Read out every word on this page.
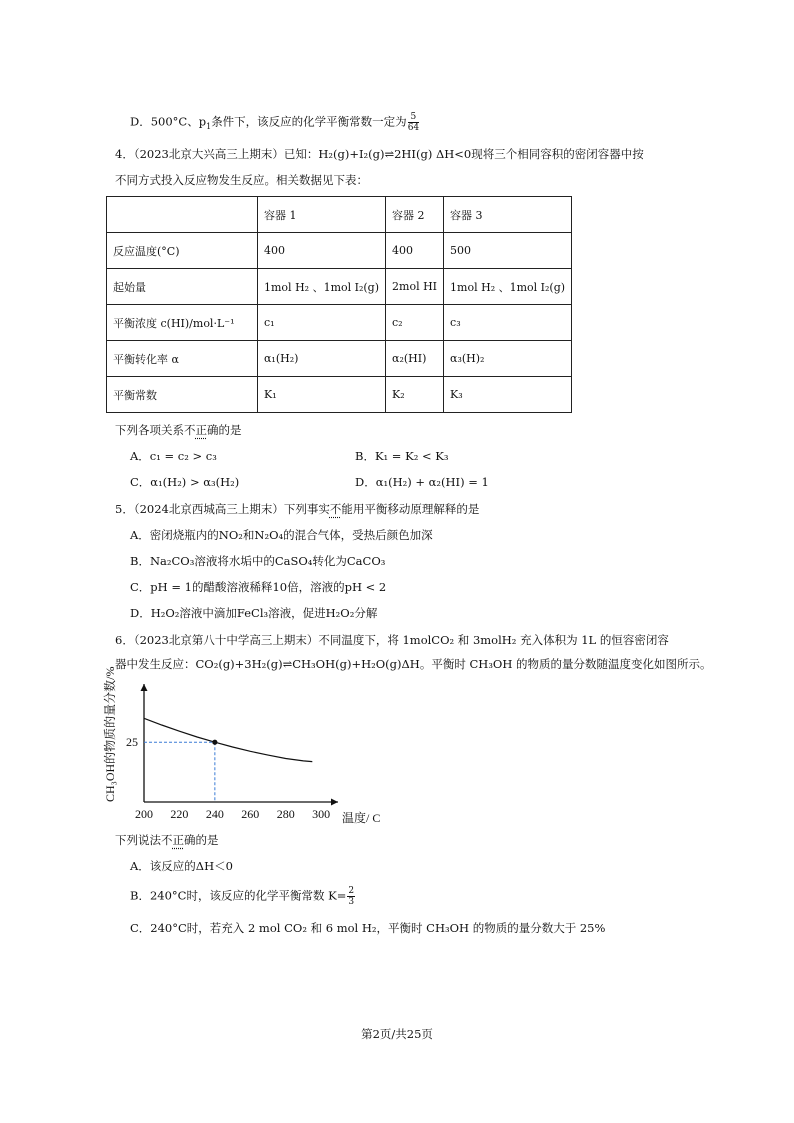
D．500°C、$p_1$条件下，该反应的化学平衡常数一定为 $\frac{5}{64}$
4．（2023北京大兴高三上期末）已知：H₂(g)+I₂(g)⇌2HI(g) ΔH<0现将三个相同容积的密闭容器中按
不同方式投入反应物发生反应。相关数据见下表：
	容器 1	容器 2	容器 3
反应温度(°C)	400	400	500
起始量	1mol H₂ 、1mol I₂(g)	2mol HI	1mol H₂ 、1mol I₂(g)
平衡浓度 c(HI)/mol·L⁻¹	c₁	c₂	c₃
平衡转化率 α	α₁(H₂)	α₂(HI)	α₃(H)₂
平衡常数	K₁	K₂	K₃
下列各项关系不正确的是
A．c₁ = c₂ > c₃	B．K₁ = K₂ < K₃
C．α₁(H₂) > α₃(H₂)	D．α₁(H₂) + α₂(HI) = 1
5．（2024北京西城高三上期末）下列事实不能用平衡移动原理解释的是
A．密闭烧瓶内的NO₂和N₂O₄的混合气体，受热后颜色加深
B．Na₂CO₃溶液将水垢中的CaSO₄转化为CaCO₃
C．pH = 1的醋酸溶液稀释10倍，溶液的pH < 2
D．H₂O₂溶液中滴加FeCl₃溶液，促进H₂O₂分解
6．（2023北京第八十中学高三上期末）不同温度下，将 1molCO₂ 和 3molH₂ 充入体积为 1L 的恒容密闭容
器中发生反应：CO₂(g)+3H₂(g)⇌CH₃OH(g)+H₂O(g)ΔH。平衡时 CH₃OH 的物质的量分数随温度变化如图所示。
200 220 240 260 280 300
25
温度/ C
CH₃OH的物质的量分数/%
下列说法不正确的是
A．该反应的ΔH＜0
B．240°C时，该反应的化学平衡常数 $K= \frac{2}{3}$
C．240°C时，若充入 2 mol CO₂ 和 6 mol H₂，平衡时 CH₃OH 的物质的量分数大于 25%
第2页/共25页
